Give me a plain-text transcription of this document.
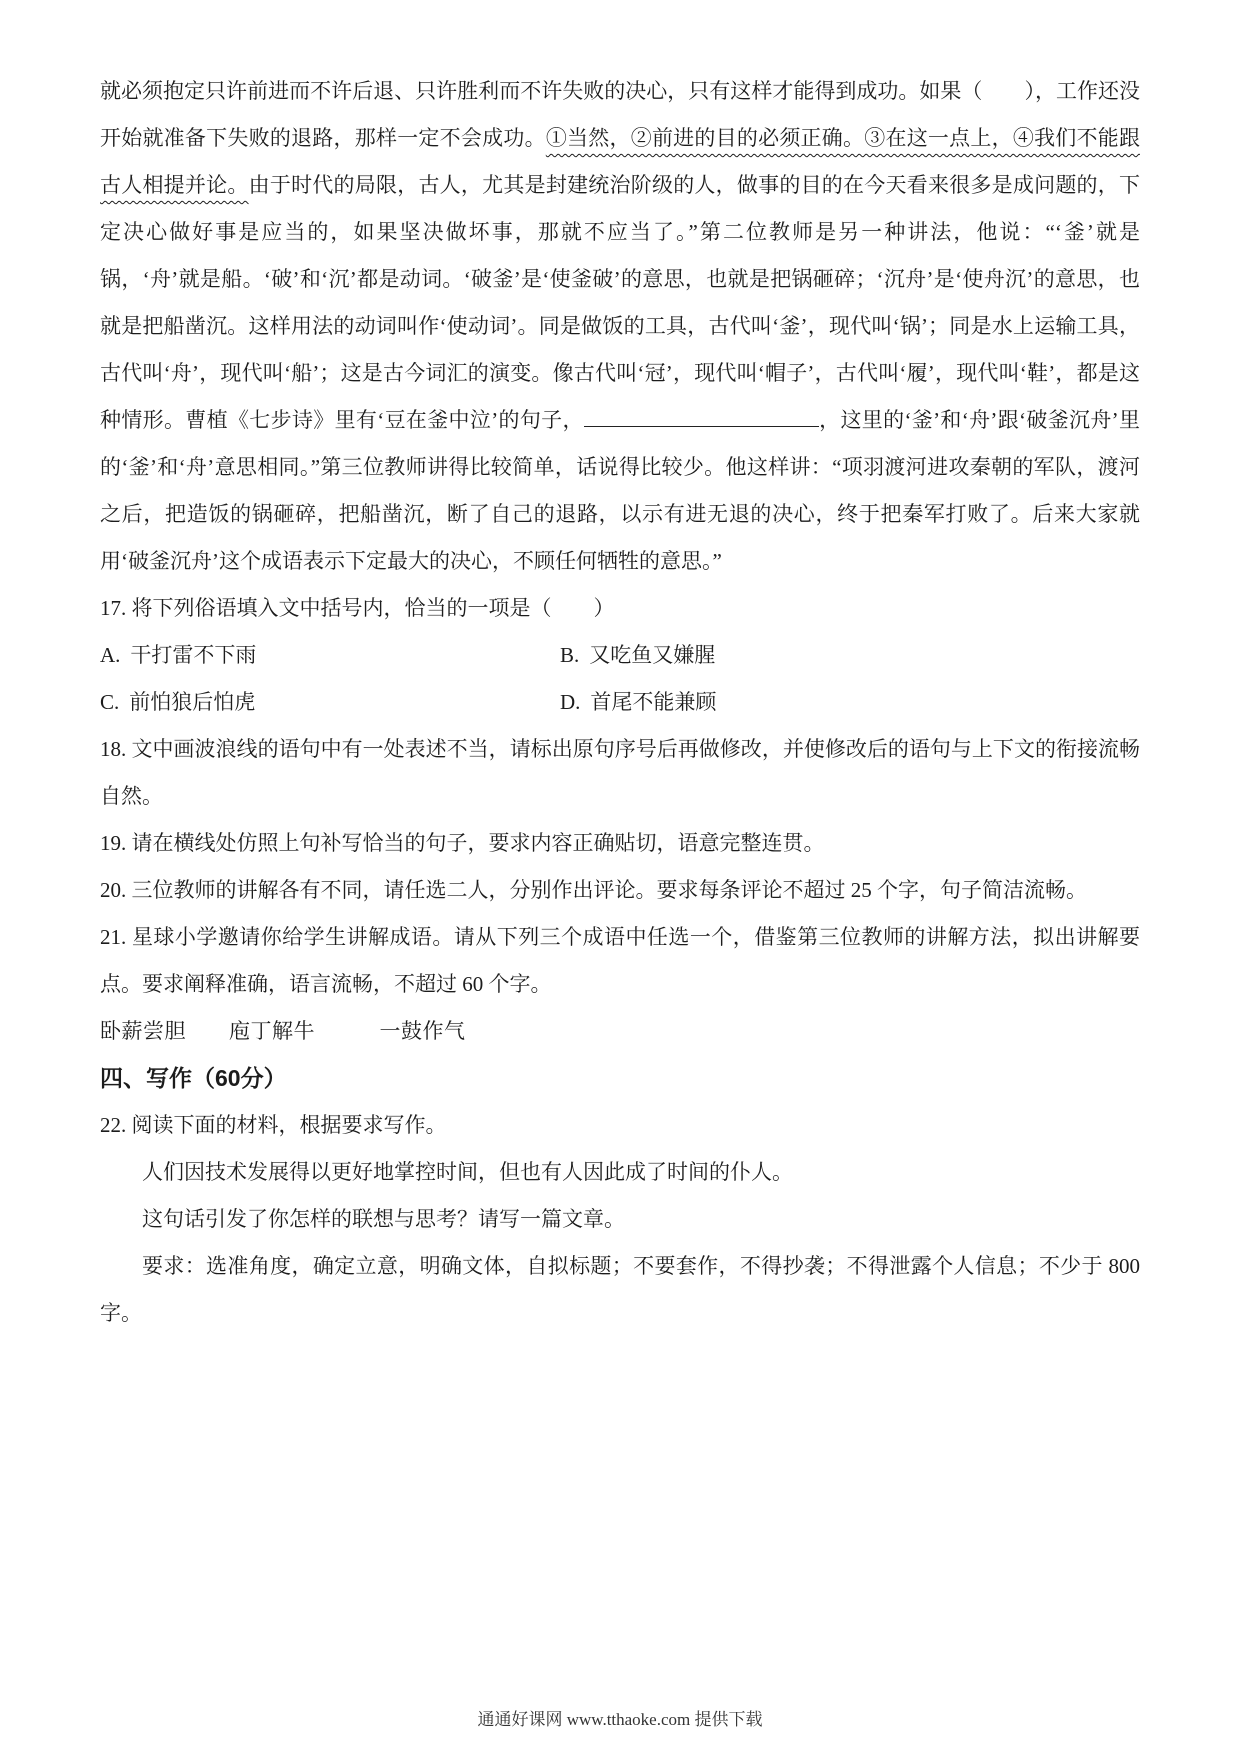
就必须抱定只许前进而不许后退、只许胜利而不许失败的决心，只有这样才能得到成功。如果（　　），工作还没开始就准备下失败的退路，那样一定不会成功。①当然，②前进的目的必须正确。③在这一点上，④我们不能跟古人相提并论。由于时代的局限，古人，尤其是封建统治阶级的人，做事的目的在今天看来很多是成问题的，下定决心做好事是应当的，如果坚决做坏事，那就不应当了。”第二位教师是另一种讲法，他说：“‘釜’就是锅，‘舟’就是船。‘破’和‘沉’都是动词。‘破釜’是‘使釜破’的意思，也就是把锅砸碎；‘沉舟’是‘使舟沉’的意思，也就是把船凿沉。这样用法的动词叫作‘使动词’。同是做饭的工具，古代叫‘釜’，现代叫‘锅’；同是水上运输工具，古代叫‘舟’，现代叫‘船’；这是古今词汇的演变。像古代叫‘冠’，现代叫‘帽子’，古代叫‘履’，现代叫‘鞋’，都是这种情形。曹植《七步诗》里有‘豆在釜中泣’的句子，	，这里的‘釜’和‘舟’跟‘破釜沉舟’里的‘釜’和‘舟’意思相同。”第三位教师讲得比较简单，话说得比较少。他这样讲：“项羽渡河进攻秦朝的军队，渡河之后，把造饭的锅砸碎，把船凿沉，断了自己的退路，以示有进无退的决心，终于把秦军打败了。后来大家就用‘破釜沉舟’这个成语表示下定最大的决心，不顾任何牺牲的意思。”

17. 将下列俗语填入文中括号内，恰当的一项是（　　）

A. 干打雷不下雨	B. 又吃鱼又嫌腥
C. 前怕狼后怕虎	D. 首尾不能兼顾

18. 文中画波浪线的语句中有一处表述不当，请标出原句序号后再做修改，并使修改后的语句与上下文的衔接流畅自然。

19. 请在横线处仿照上句补写恰当的句子，要求内容正确贴切，语意完整连贯。

20. 三位教师的讲解各有不同，请任选二人，分别作出评论。要求每条评论不超过 25 个字，句子简洁流畅。

21. 星球小学邀请你给学生讲解成语。请从下列三个成语中任选一个，借鉴第三位教师的讲解方法，拟出讲解要点。要求阐释准确，语言流畅，不超过 60 个字。

卧薪尝胆　　庖丁解牛　　　一鼓作气

四、写作（60分）

22. 阅读下面的材料，根据要求写作。

人们因技术发展得以更好地掌控时间，但也有人因此成了时间的仆人。

这句话引发了你怎样的联想与思考？请写一篇文章。

要求：选准角度，确定立意，明确文体，自拟标题；不要套作，不得抄袭；不得泄露个人信息；不少于 800 字。

通通好课网 www.tthaoke.com 提供下载
